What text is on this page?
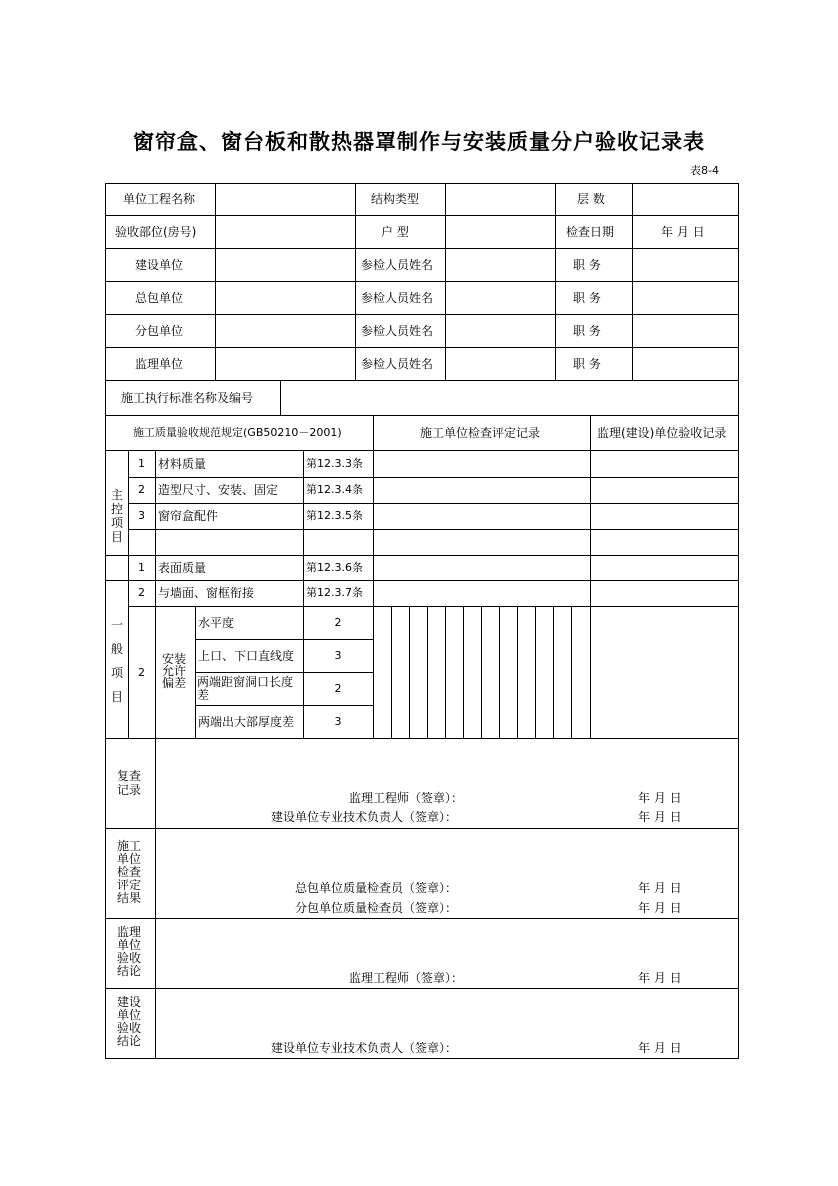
窗帘盒、窗台板和散热器罩制作与安装质量分户验收记录表
表8-4
单位工程名称	结构类型	层 数
验收部位(房号)	户 型	检查日期	年 月 日
建设单位	参检人员姓名	职 务
总包单位	参检人员姓名	职 务
分包单位	参检人员姓名	职 务
监理单位	参检人员姓名	职 务
施工执行标准名称及编号
施工质量验收规范规定(GB50210－2001)	施工单位检查评定记录	监理(建设)单位验收记录
主控项目
1 材料质量	第12.3.3条
2 造型尺寸、安装、固定	第12.3.4条
3 窗帘盒配件	第12.3.5条
一般项目
1 表面质量	第12.3.6条
2 与墙面、窗框衔接	第12.3.7条
2
安装允许偏差
水平度	2
上口、下口直线度	3
两端距窗洞口长度差	2
两端出大部厚度差	3
复查记录
监理工程师（签章）：	年 月 日
建设单位专业技术负责人（签章）：	年 月 日
施工单位检查评定结果
总包单位质量检查员（签章）：	年 月 日
分包单位质量检查员（签章）：	年 月 日
监理单位验收结论	监理工程师（签章）：	年 月 日
建设单位验收结论	建设单位专业技术负责人（签章）：	年 月 日
